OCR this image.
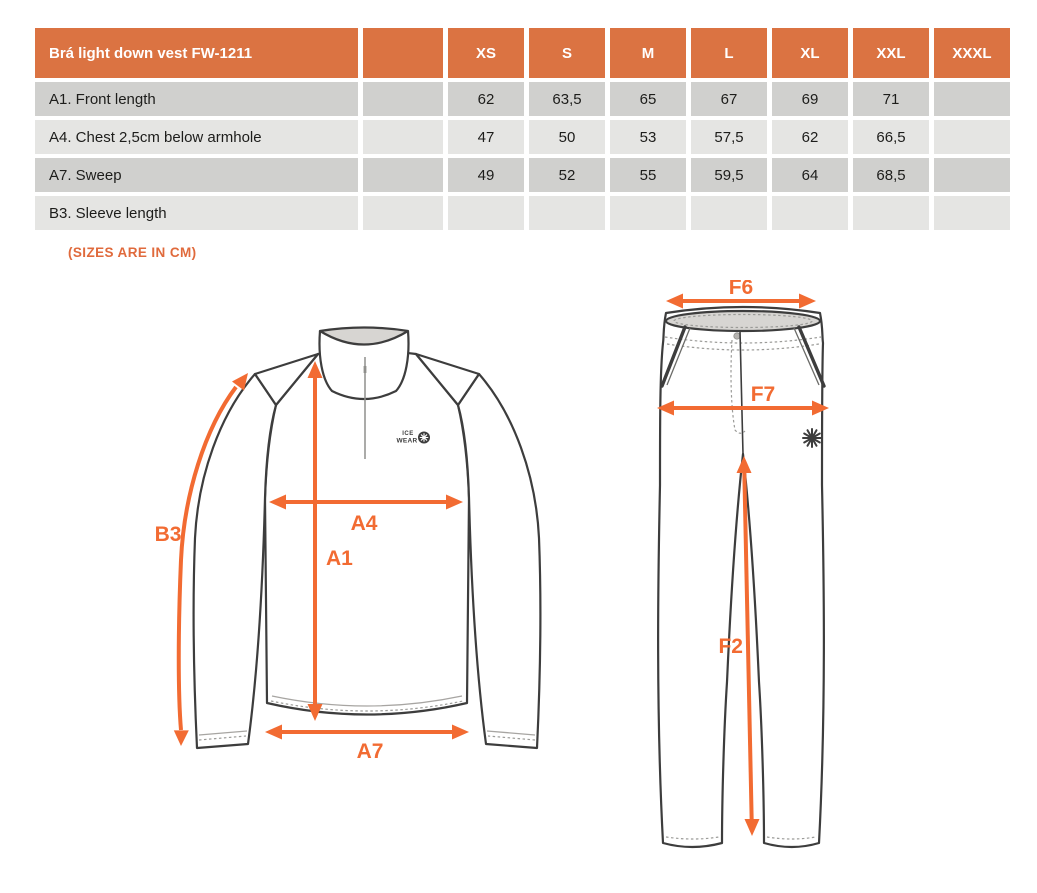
Brá light down vest FW-1211	XS	S	M	L	XL	XXL	XXXL
A1. Front length	62	63,5	65	67	69	71
A4. Chest 2,5cm below armhole	47	50	53	57,5	62	66,5
A7. Sweep	49	52	55	59,5	64	68,5
B3. Sleeve length
(SIZES ARE IN CM)
ICE
WEAR
B3
A1
A4
A7
F6
F7
F2
